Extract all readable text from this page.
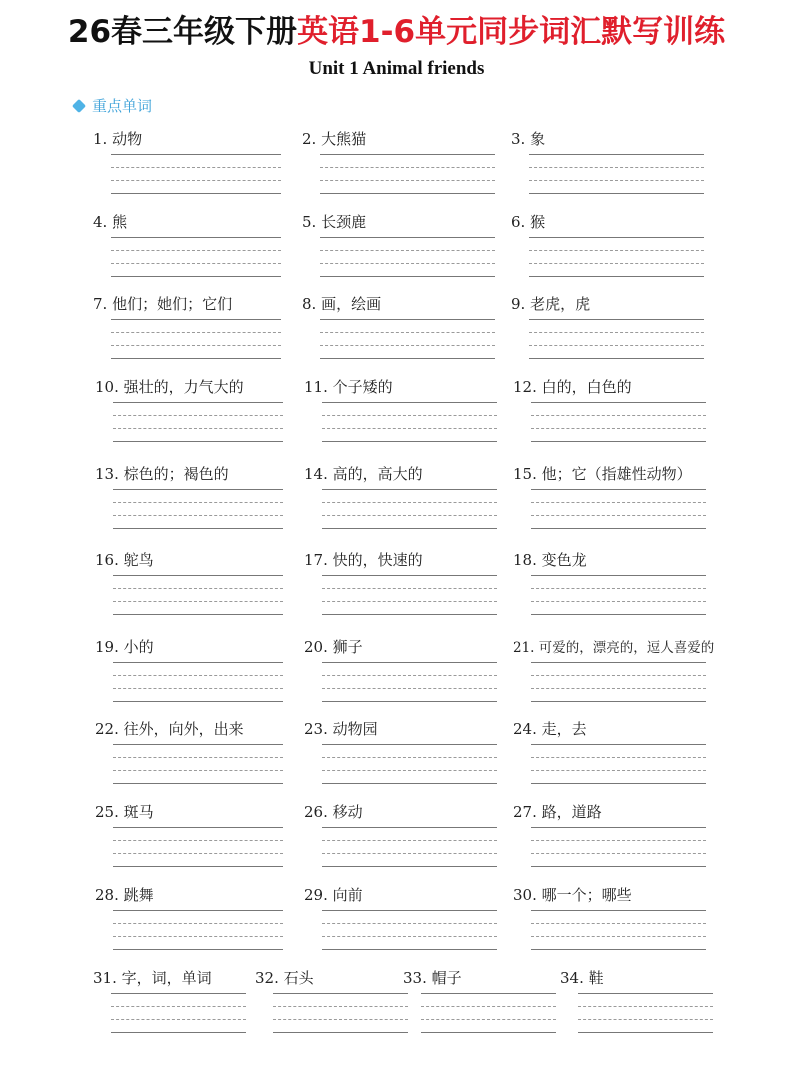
26春三年级下册英语1-6单元同步词汇默写训练
Unit 1 Animal friends
重点单词
1. 动物	2. 大熊猫	3. 象
4. 熊	5. 长颈鹿	6. 猴
7. 他们；她们；它们	8. 画，绘画	9. 老虎，虎
10. 强壮的，力气大的	11. 个子矮的	12. 白的，白色的
13. 棕色的；褐色的	14. 高的，高大的	15. 他；它（指雄性动物）
16. 鸵鸟	17. 快的，快速的	18. 变色龙
19. 小的	20. 狮子	21. 可爱的，漂亮的，逗人喜爱的
22. 往外，向外，出来	23. 动物园	24. 走，去
25. 斑马	26. 移动	27. 路，道路
28. 跳舞	29. 向前	30. 哪一个；哪些
31. 字，词，单词	32. 石头	33. 帽子	34. 鞋
